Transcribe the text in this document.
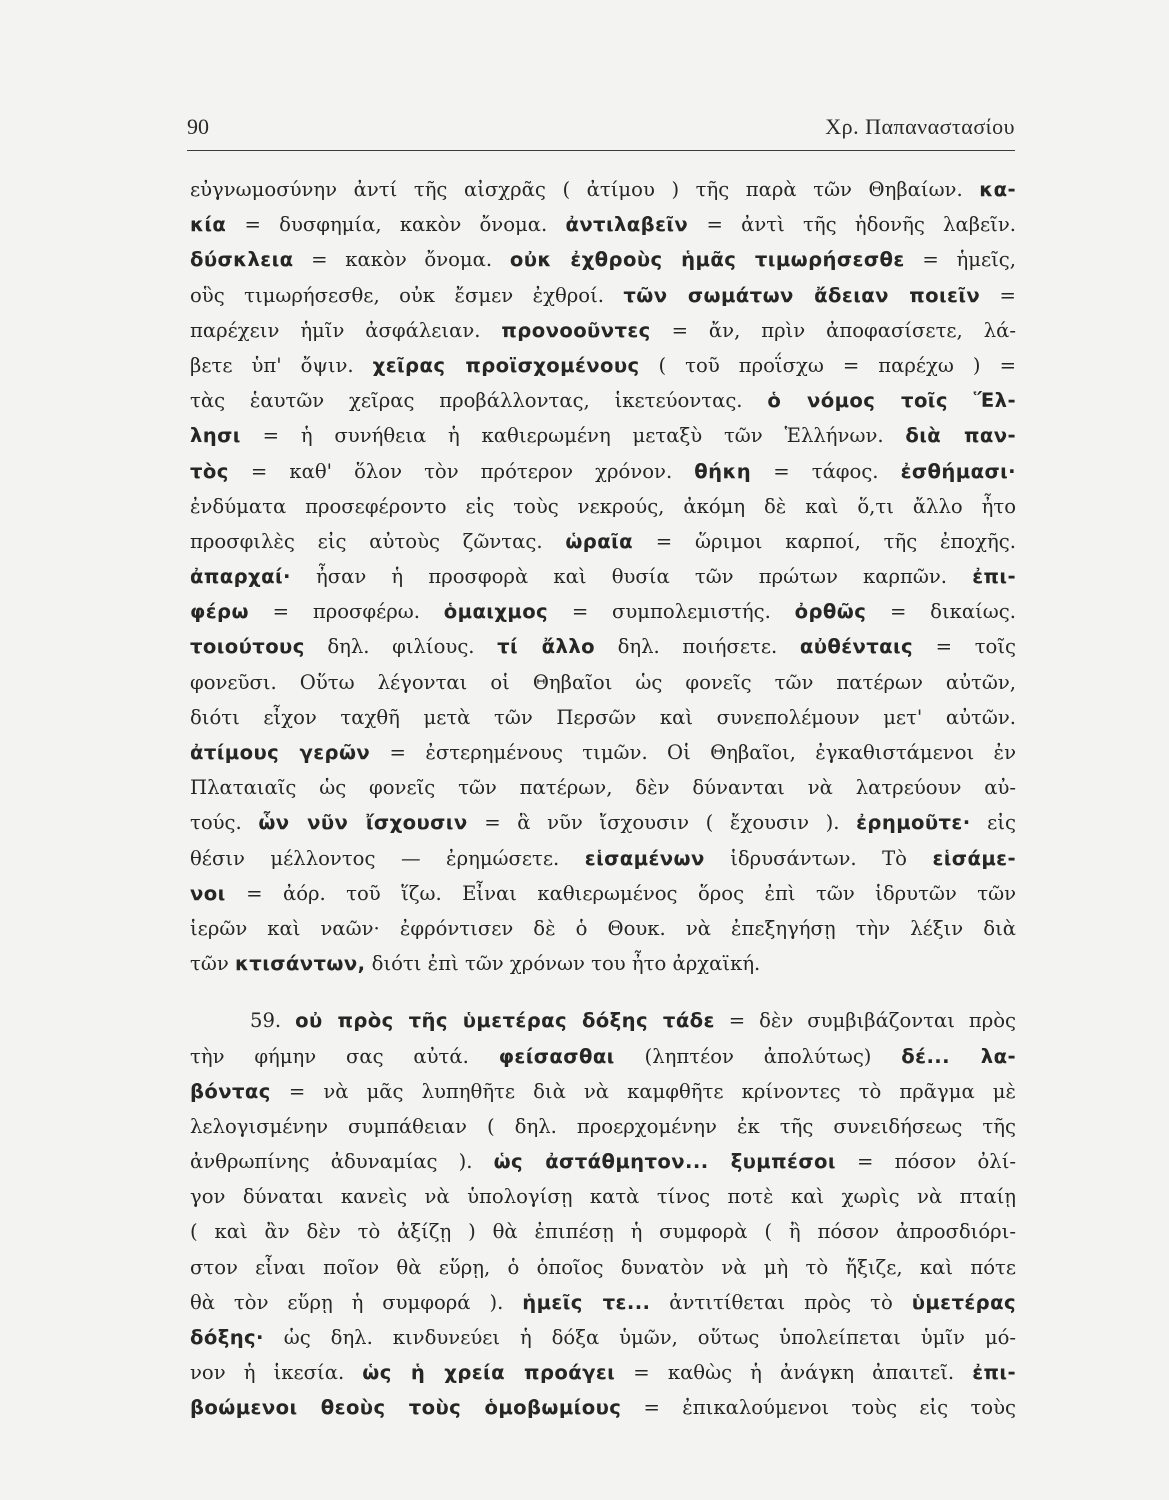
90	Χρ. Παπαναστασίου
εὐγνωμοσύνην ἀντί τῆς αἰσχρᾶς ( ἀτίμου ) τῆς παρὰ τῶν Θηβαίων. κα-
κία = δυσφημία, κακὸν ὄνομα. ἀντιλαβεῖν = ἀντὶ τῆς ἡδονῆς λαβεῖν.
δύσκλεια = κακὸν ὄνομα. οὐκ ἐχθροὺς ἡμᾶς τιμωρήσεσθε = ἡμεῖς,
οὓς τιμωρήσεσθε, οὐκ ἔσμεν ἐχθροί. τῶν σωμάτων ἄδειαν ποιεῖν =
παρέχειν ἡμῖν ἀσφάλειαν. προνοοῦντες = ἄν, πρὶν ἀποφασίσετε, λά-
βετε ὑπ' ὄψιν. χεῖρας προϊσχομένους ( τοῦ προΐσχω = παρέχω ) =
τὰς ἑαυτῶν χεῖρας προβάλλοντας, ἱκετεύοντας. ὁ νόμος τοῖς Ἕλ-
λησι = ἡ συνήθεια ἡ καθιερωμένη μεταξὺ τῶν Ἑλλήνων. διὰ παν-
τὸς = καθ' ὅλον τὸν πρότερον χρόνον. θήκη = τάφος. ἐσθήμασι·
ἐνδύματα προσεφέροντο εἰς τοὺς νεκρούς, ἀκόμη δὲ καὶ ὅ,τι ἄλλο ἦτο
προσφιλὲς εἰς αὐτοὺς ζῶντας. ὡραῖα = ὥριμοι καρποί, τῆς ἐποχῆς.
ἀπαρχαί· ἦσαν ἡ προσφορὰ καὶ θυσία τῶν πρώτων καρπῶν. ἐπι-
φέρω = προσφέρω. ὁμαιχμος = συμπολεμιστής. ὀρθῶς = δικαίως.
τοιούτους δηλ. φιλίους. τί ἄλλο δηλ. ποιήσετε. αὐθένταις = τοῖς
φονεῦσι. Οὕτω λέγονται οἱ Θηβαῖοι ὡς φονεῖς τῶν πατέρων αὐτῶν,
διότι εἶχον ταχθῆ μετὰ τῶν Περσῶν καὶ συνεπολέμουν μετ' αὐτῶν.
ἀτίμους γερῶν = ἐστερημένους τιμῶν. Οἱ Θηβαῖοι, ἐγκαθιστάμενοι ἐν
Πλαταιαῖς ὡς φονεῖς τῶν πατέρων, δὲν δύνανται νὰ λατρεύουν αὐ-
τούς. ὧν νῦν ἴσχουσιν = ἃ νῦν ἴσχουσιν ( ἔχουσιν ). ἐρημοῦτε· εἰς
θέσιν μέλλοντος — ἐρημώσετε. εἱσαμένων ἱδρυσάντων. Τὸ εἱσάμε-
νοι = ἀόρ. τοῦ ἵζω. Εἶναι καθιερωμένος ὅρος ἐπὶ τῶν ἱδρυτῶν τῶν
ἱερῶν καὶ ναῶν· ἐφρόντισεν δὲ ὁ Θουκ. νὰ ἐπεξηγήσῃ τὴν λέξιν διὰ
τῶν κτισάντων, διότι ἐπὶ τῶν χρόνων του ἦτο ἀρχαϊκή.
59. οὐ πρὸς τῆς ὑμετέρας δόξης τάδε = δὲν συμβιβάζονται πρὸς
τὴν φήμην σας αὐτά. φείσασθαι (ληπτέον ἀπολύτως) δέ... λα-
βόντας = νὰ μᾶς λυπηθῆτε διὰ νὰ καμφθῆτε κρίνοντες τὸ πρᾶγμα μὲ
λελογισμένην συμπάθειαν ( δηλ. προερχομένην ἐκ τῆς συνειδήσεως τῆς
ἀνθρωπίνης ἀδυναμίας ). ὡς ἀστάθμητον... ξυμπέσοι = πόσον ὀλί-
γον δύναται κανεὶς νὰ ὑπολογίσῃ κατὰ τίνος ποτὲ καὶ χωρὶς νὰ πταίῃ
( καὶ ἂν δὲν τὸ ἀξίζῃ ) θὰ ἐπιπέσῃ ἡ συμφορὰ ( ἢ πόσον ἀπροσδιόρι-
στον εἶναι ποῖον θὰ εὕρῃ, ὁ ὁποῖος δυνατὸν νὰ μὴ τὸ ἤξιζε, καὶ πότε
θὰ τὸν εὕρῃ ἡ συμφορά ). ἡμεῖς τε... ἀντιτίθεται πρὸς τὸ ὑμετέρας
δόξης· ὡς δηλ. κινδυνεύει ἡ δόξα ὑμῶν, οὕτως ὑπολείπεται ὑμῖν μό-
νον ἡ ἱκεσία. ὡς ἡ χρεία προάγει = καθὼς ἡ ἀνάγκη ἀπαιτεῖ. ἐπι-
βοώμενοι θεοὺς τοὺς ὁμοβωμίους = ἐπικαλούμενοι τοὺς εἰς τοὺς
